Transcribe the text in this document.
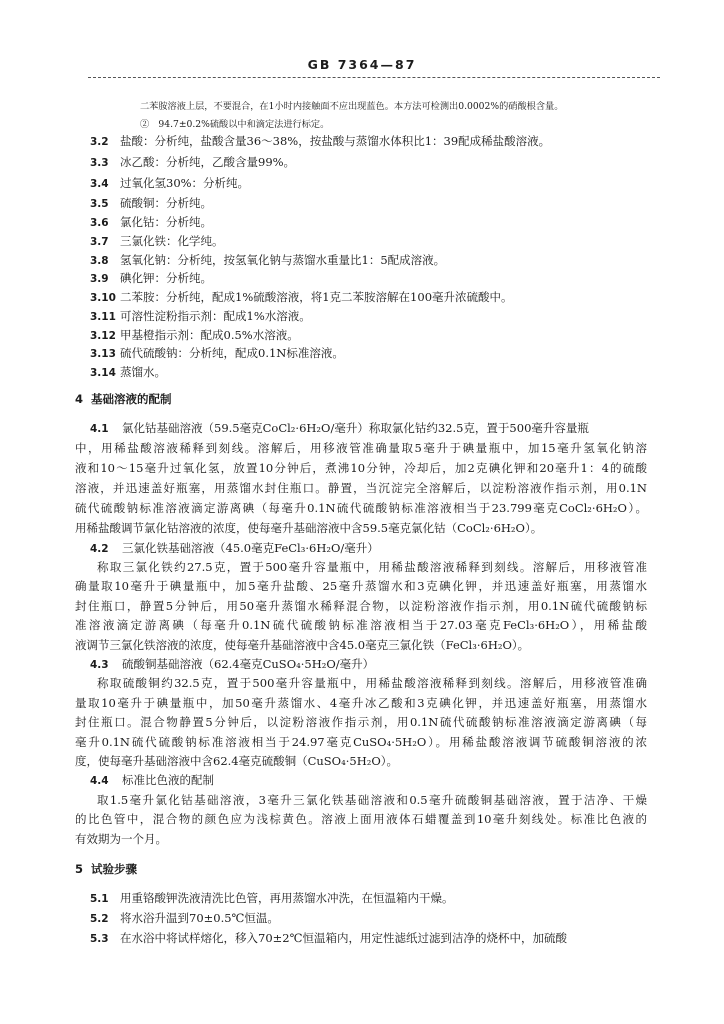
GB 7364—87
二苯胺溶液上层，不要混合，在1小时内接触面不应出现蓝色。本方法可检测出0.0002%的硝酸根含量。
②　94.7±0.2%硫酸以中和滴定法进行标定。
3.2 盐酸：分析纯，盐酸含量36～38%，按盐酸与蒸馏水体积比1：39配成稀盐酸溶液。
3.3 冰乙酸：分析纯，乙酸含量99%。
3.4 过氧化氢30%：分析纯。
3.5 硫酸铜：分析纯。
3.6 氯化钴：分析纯。
3.7 三氯化铁：化学纯。
3.8 氢氧化钠：分析纯，按氢氧化钠与蒸馏水重量比1：5配成溶液。
3.9 碘化钾：分析纯。
3.10 二苯胺：分析纯，配成1%硫酸溶液，将1克二苯胺溶解在100毫升浓硫酸中。
3.11 可溶性淀粉指示剂：配成1%水溶液。
3.12 甲基橙指示剂：配成0.5%水溶液。
3.13 硫代硫酸钠：分析纯，配成0.1N标准溶液。
3.14 蒸馏水。
4 基础溶液的配制
4.1 氯化钴基础溶液（59.5毫克CoCl₂·6H₂O/毫升）称取氯化钴约32.5克，置于500毫升容量瓶
中，用稀盐酸溶液稀释到刻线。溶解后，用移液管准确量取5毫升于碘量瓶中，加15毫升氢氧化钠溶
液和10～15毫升过氧化氢，放置10分钟后，煮沸10分钟，冷却后，加2克碘化钾和20毫升1：4的硫酸
溶液，并迅速盖好瓶塞，用蒸馏水封住瓶口。静置，当沉淀完全溶解后，以淀粉溶液作指示剂，用0.1N
硫代硫酸钠标准溶液滴定游离碘（每毫升0.1N硫代硫酸钠标准溶液相当于23.799毫克CoCl₂·6H₂O）。
用稀盐酸调节氯化钴溶液的浓度，使每毫升基础溶液中含59.5毫克氯化钴（CoCl₂·6H₂O）。
4.2 三氯化铁基础溶液（45.0毫克FeCl₃·6H₂O/毫升）
称取三氯化铁约27.5克，置于500毫升容量瓶中，用稀盐酸溶液稀释到刻线。溶解后，用移液管准
确量取10毫升于碘量瓶中，加5毫升盐酸、25毫升蒸馏水和3克碘化钾，并迅速盖好瓶塞，用蒸馏水
封住瓶口，静置5分钟后，用50毫升蒸馏水稀释混合物，以淀粉溶液作指示剂，用0.1N硫代硫酸钠标
准溶液滴定游离碘（每毫升0.1N硫代硫酸钠标准溶液相当于27.03毫克FeCl₃·6H₂O），用稀盐酸
液调节三氯化铁溶液的浓度，使每毫升基础溶液中含45.0毫克三氯化铁（FeCl₃·6H₂O）。
4.3 硫酸铜基础溶液（62.4毫克CuSO₄·5H₂O/毫升）
称取硫酸铜约32.5克，置于500毫升容量瓶中，用稀盐酸溶液稀释到刻线。溶解后，用移液管准确
量取10毫升于碘量瓶中，加50毫升蒸馏水、4毫升冰乙酸和3克碘化钾，并迅速盖好瓶塞，用蒸馏水
封住瓶口。混合物静置5分钟后，以淀粉溶液作指示剂，用0.1N硫代硫酸钠标准溶液滴定游离碘（每
毫升0.1N硫代硫酸钠标准溶液相当于24.97毫克CuSO₄·5H₂O）。用稀盐酸溶液调节硫酸铜溶液的浓
度，使每毫升基础溶液中含62.4毫克硫酸铜（CuSO₄·5H₂O）。
4.4 标准比色液的配制
取1.5毫升氯化钴基础溶液，3毫升三氯化铁基础溶液和0.5毫升硫酸铜基础溶液，置于洁净、干燥
的比色管中，混合物的颜色应为浅棕黄色。溶液上面用液体石蜡覆盖到10毫升刻线处。标准比色液的
有效期为一个月。
5 试验步骤
5.1 用重铬酸钾洗液清洗比色管，再用蒸馏水冲洗，在恒温箱内干燥。
5.2 将水浴升温到70±0.5℃恒温。
5.3 在水浴中将试样熔化，移入70±2℃恒温箱内，用定性滤纸过滤到洁净的烧杯中，加硫酸
